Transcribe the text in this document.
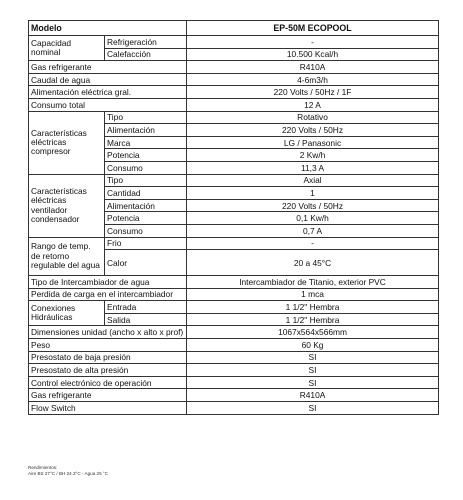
Modelo		EP-50M ECOPOOL
Capacidad nominal	Refrigeración	-
	Calefacción	10.500 Kcal/h
Gas refrigerante		R410A
Caudal de agua		4-6m3/h
Alimentación eléctrica gral.		220 Volts / 50Hz / 1F
Consumo total		12 A
Características eléctricas compresor	Tipo	Rotativo
	Alimentación	220 Volts / 50Hz
	Marca	LG / Panasonic
	Potencia	2 Kw/h
	Consumo	11,3 A
Características eléctricas ventilador condensador	Tipo	Axial
	Cantidad	1
	Alimentación	220 Volts / 50Hz
	Potencia	0,1 Kw/h
	Consumo	0,7 A
Rango de temp. de retorno regulable del agua	Frio	-
	Calor	20 a 45°C
Tipo de Intercambiador de agua		Intercambiador de Titanio, exterior PVC
Perdida de carga en el intercambiador		1 mca
Conexiones Hidráulicas	Entrada	1 1/2" Hembra
	Salida	1 1/2" Hembra
Dimensiones unidad (ancho x alto x prof)		1067x564x566mm
Peso		60 Kg
Presostato de baja presión		SI
Presostato de alta presión		SI
Control electrónico de operación		SI
Gas refrigerante		R410A
Flow Switch		SI
Rendimientos:
Aire BS 27°C / BH 24.3°C - Agua 25 °C
